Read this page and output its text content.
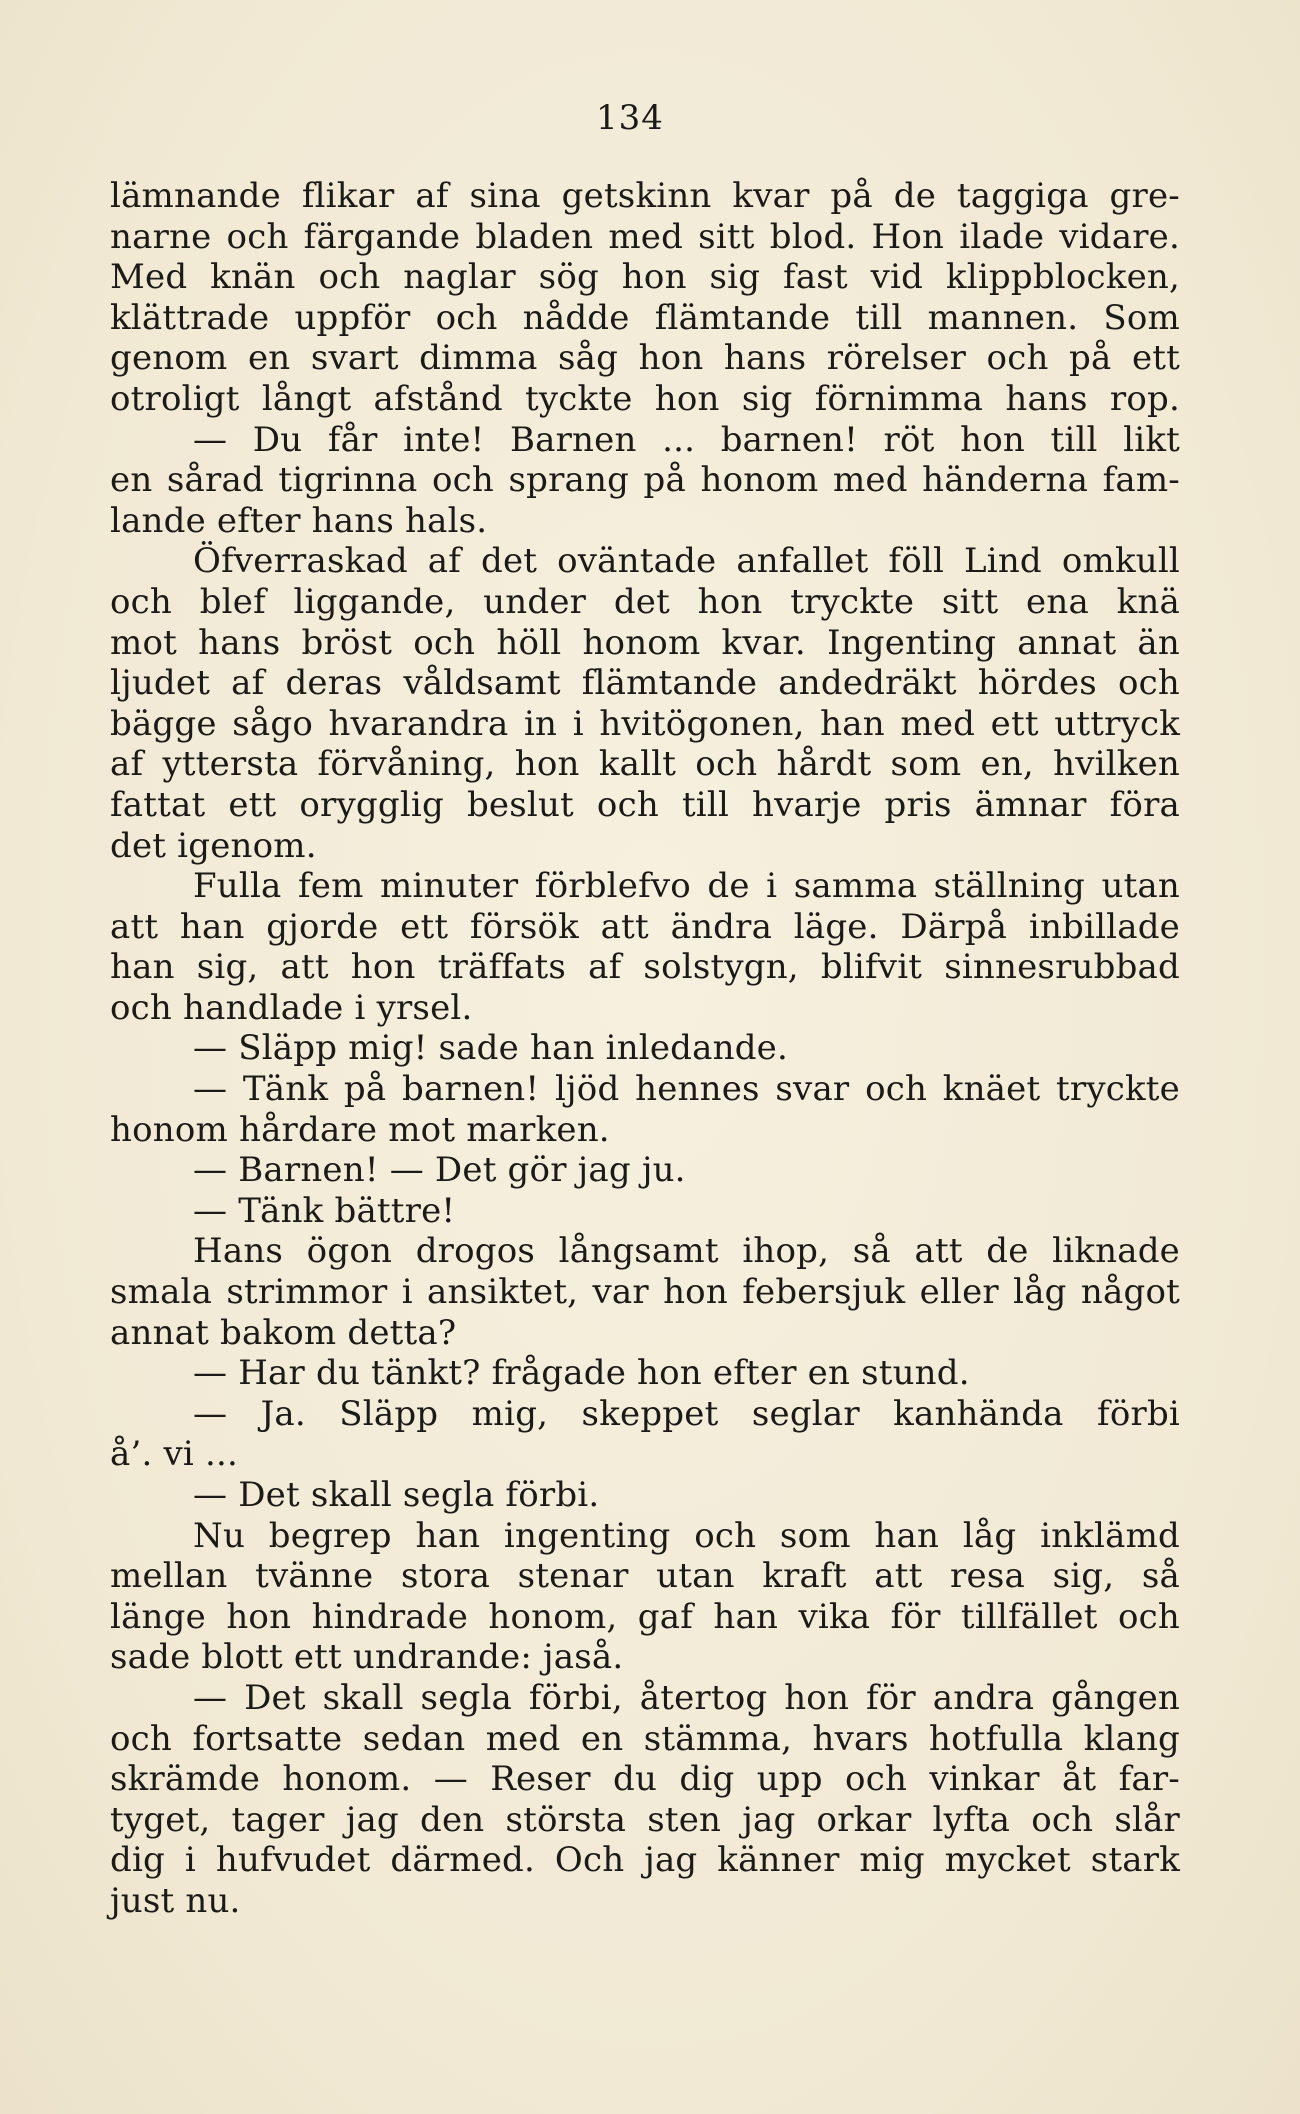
134
lämnande flikar af sina getskinn kvar på de taggiga gre-
narne och färgande bladen med sitt blod. Hon ilade vidare.
Med knän och naglar sög hon sig fast vid klippblocken,
klättrade uppför och nådde flämtande till mannen. Som
genom en svart dimma såg hon hans rörelser och på ett
otroligt långt afstånd tyckte hon sig förnimma hans rop.
— Du får inte! Barnen ... barnen! röt hon till likt
en sårad tigrinna och sprang på honom med händerna fam-
lande efter hans hals.
Öfverraskad af det oväntade anfallet föll Lind omkull
och blef liggande, under det hon tryckte sitt ena knä
mot hans bröst och höll honom kvar. Ingenting annat än
ljudet af deras våldsamt flämtande andedräkt hördes och
bägge sågo hvarandra in i hvitögonen, han med ett uttryck
af yttersta förvåning, hon kallt och hårdt som en, hvilken
fattat ett orygglig beslut och till hvarje pris ämnar föra
det igenom.
Fulla fem minuter förblefvo de i samma ställning utan
att han gjorde ett försök att ändra läge. Därpå inbillade
han sig, att hon träffats af solstygn, blifvit sinnesrubbad
och handlade i yrsel.
— Släpp mig! sade han inledande.
— Tänk på barnen! ljöd hennes svar och knäet tryckte
honom hårdare mot marken.
— Barnen! — Det gör jag ju.
— Tänk bättre!
Hans ögon drogos långsamt ihop, så att de liknade
smala strimmor i ansiktet, var hon febersjuk eller låg något
annat bakom detta?
— Har du tänkt? frågade hon efter en stund.
— Ja. Släpp mig, skeppet seglar kanhända förbi
å’. vi ...
— Det skall segla förbi.
Nu begrep han ingenting och som han låg inklämd
mellan tvänne stora stenar utan kraft att resa sig, så
länge hon hindrade honom, gaf han vika för tillfället och
sade blott ett undrande: jaså.
— Det skall segla förbi, återtog hon för andra gången
och fortsatte sedan med en stämma, hvars hotfulla klang
skrämde honom. — Reser du dig upp och vinkar åt far-
tyget, tager jag den största sten jag orkar lyfta och slår
dig i hufvudet därmed. Och jag känner mig mycket stark
just nu.
